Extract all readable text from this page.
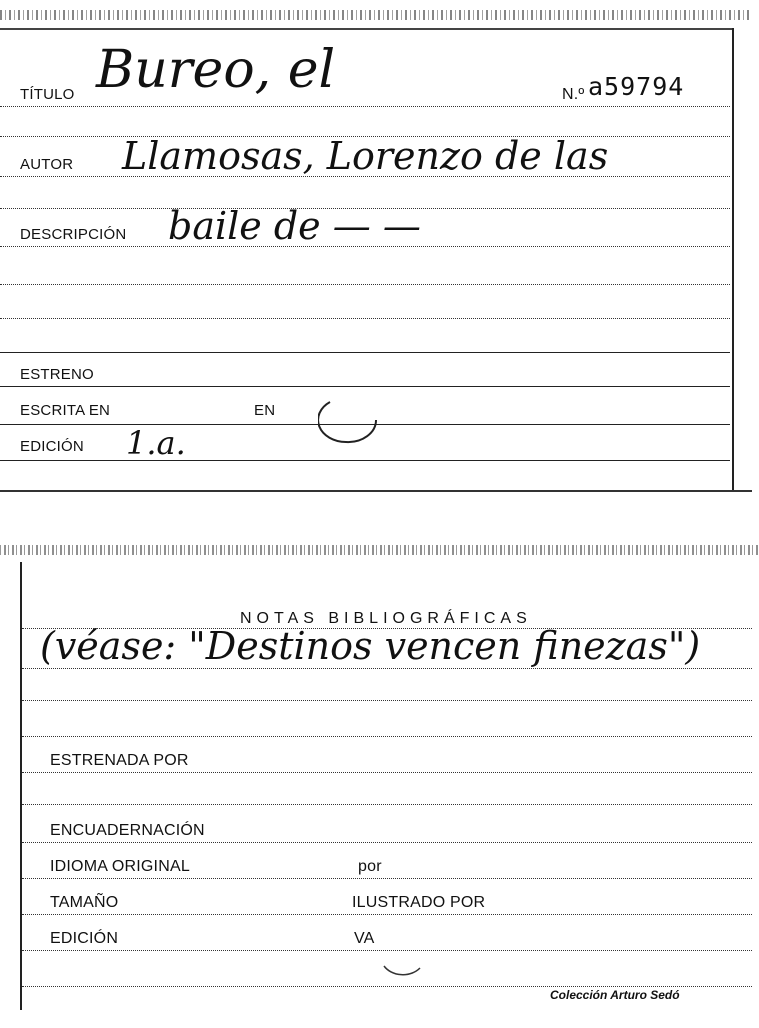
TÍTULO Bureo, el	N.º a59794
AUTOR Llamosas, Lorenzo de las
DESCRIPCIÓN baile de — —
ESTRENO
ESCRITA EN	EN
EDICIÓN 1.a.
NOTAS BIBLIOGRÁFICAS
(véase: "Destinos vencen finezas")
ESTRENADA POR
ENCUADERNACIÓN
IDIOMA ORIGINAL	por
TAMAÑO	ILUSTRADO POR
EDICIÓN	VA
Colección Arturo Sedó
